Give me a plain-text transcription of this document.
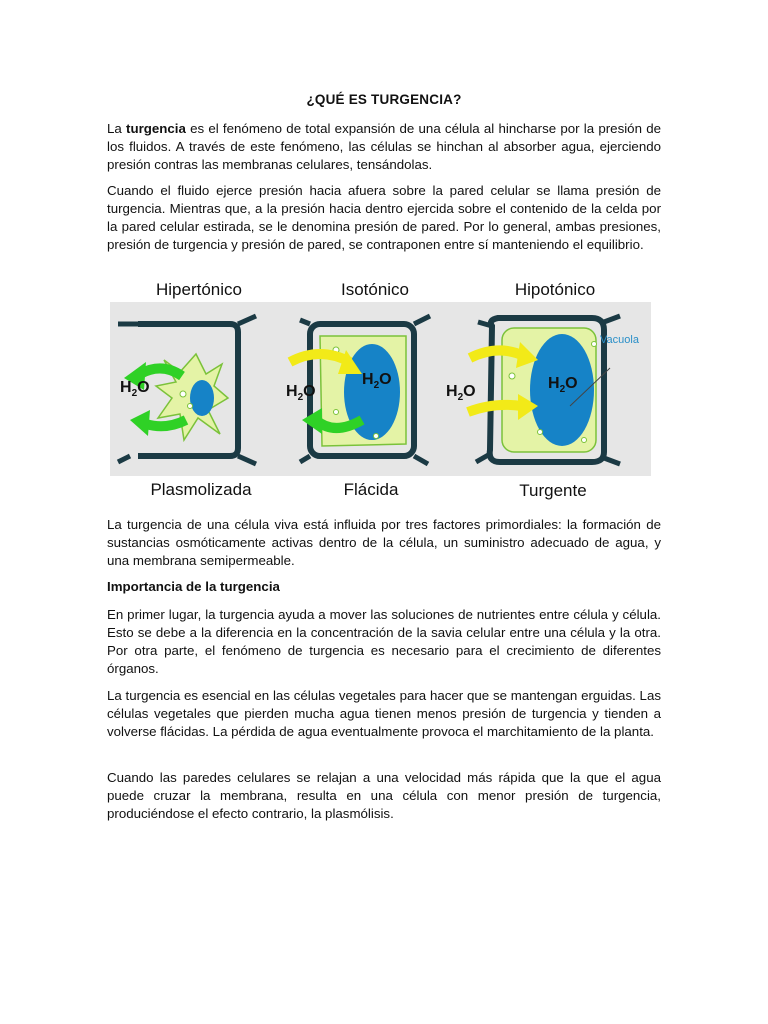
¿QUÉ ES TURGENCIA?

La turgencia es el fenómeno de total expansión de una célula al hincharse por la presión de los fluidos. A través de este fenómeno, las células se hinchan al absorber agua, ejerciendo presión contras las membranas celulares, tensándolas.

Cuando el fluido ejerce presión hacia afuera sobre la pared celular se llama presión de turgencia. Mientras que, a la presión hacia dentro ejercida sobre el contenido de la celda por la pared celular estirada, se le denomina presión de pared. Por lo general, ambas presiones, presión de turgencia y presión de pared, se contraponen entre sí manteniendo el equilibrio.

Hipertónico	Isotónico	Hipotónico
$H_2O$	$H_2O$
$H_2O$
$H_2O$	$H_2O$
Vacuola
Plasmolizada	Flácida	Turgente

La turgencia de una célula viva está influida por tres factores primordiales: la formación de sustancias osmóticamente activas dentro de la célula, un suministro adecuado de agua, y una membrana semipermeable.

Importancia de la turgencia

En primer lugar, la turgencia ayuda a mover las soluciones de nutrientes entre célula y célula. Esto se debe a la diferencia en la concentración de la savia celular entre una célula y la otra. Por otra parte, el fenómeno de turgencia es necesario para el crecimiento de diferentes órganos.

La turgencia es esencial en las células vegetales para hacer que se mantengan erguidas. Las células vegetales que pierden mucha agua tienen menos presión de turgencia y tienden a volverse flácidas. La pérdida de agua eventualmente provoca el marchitamiento de la planta.

Cuando las paredes celulares se relajan a una velocidad más rápida que la que el agua puede cruzar la membrana, resulta en una célula con menor presión de turgencia, produciéndose el efecto contrario, la plasmólisis.
